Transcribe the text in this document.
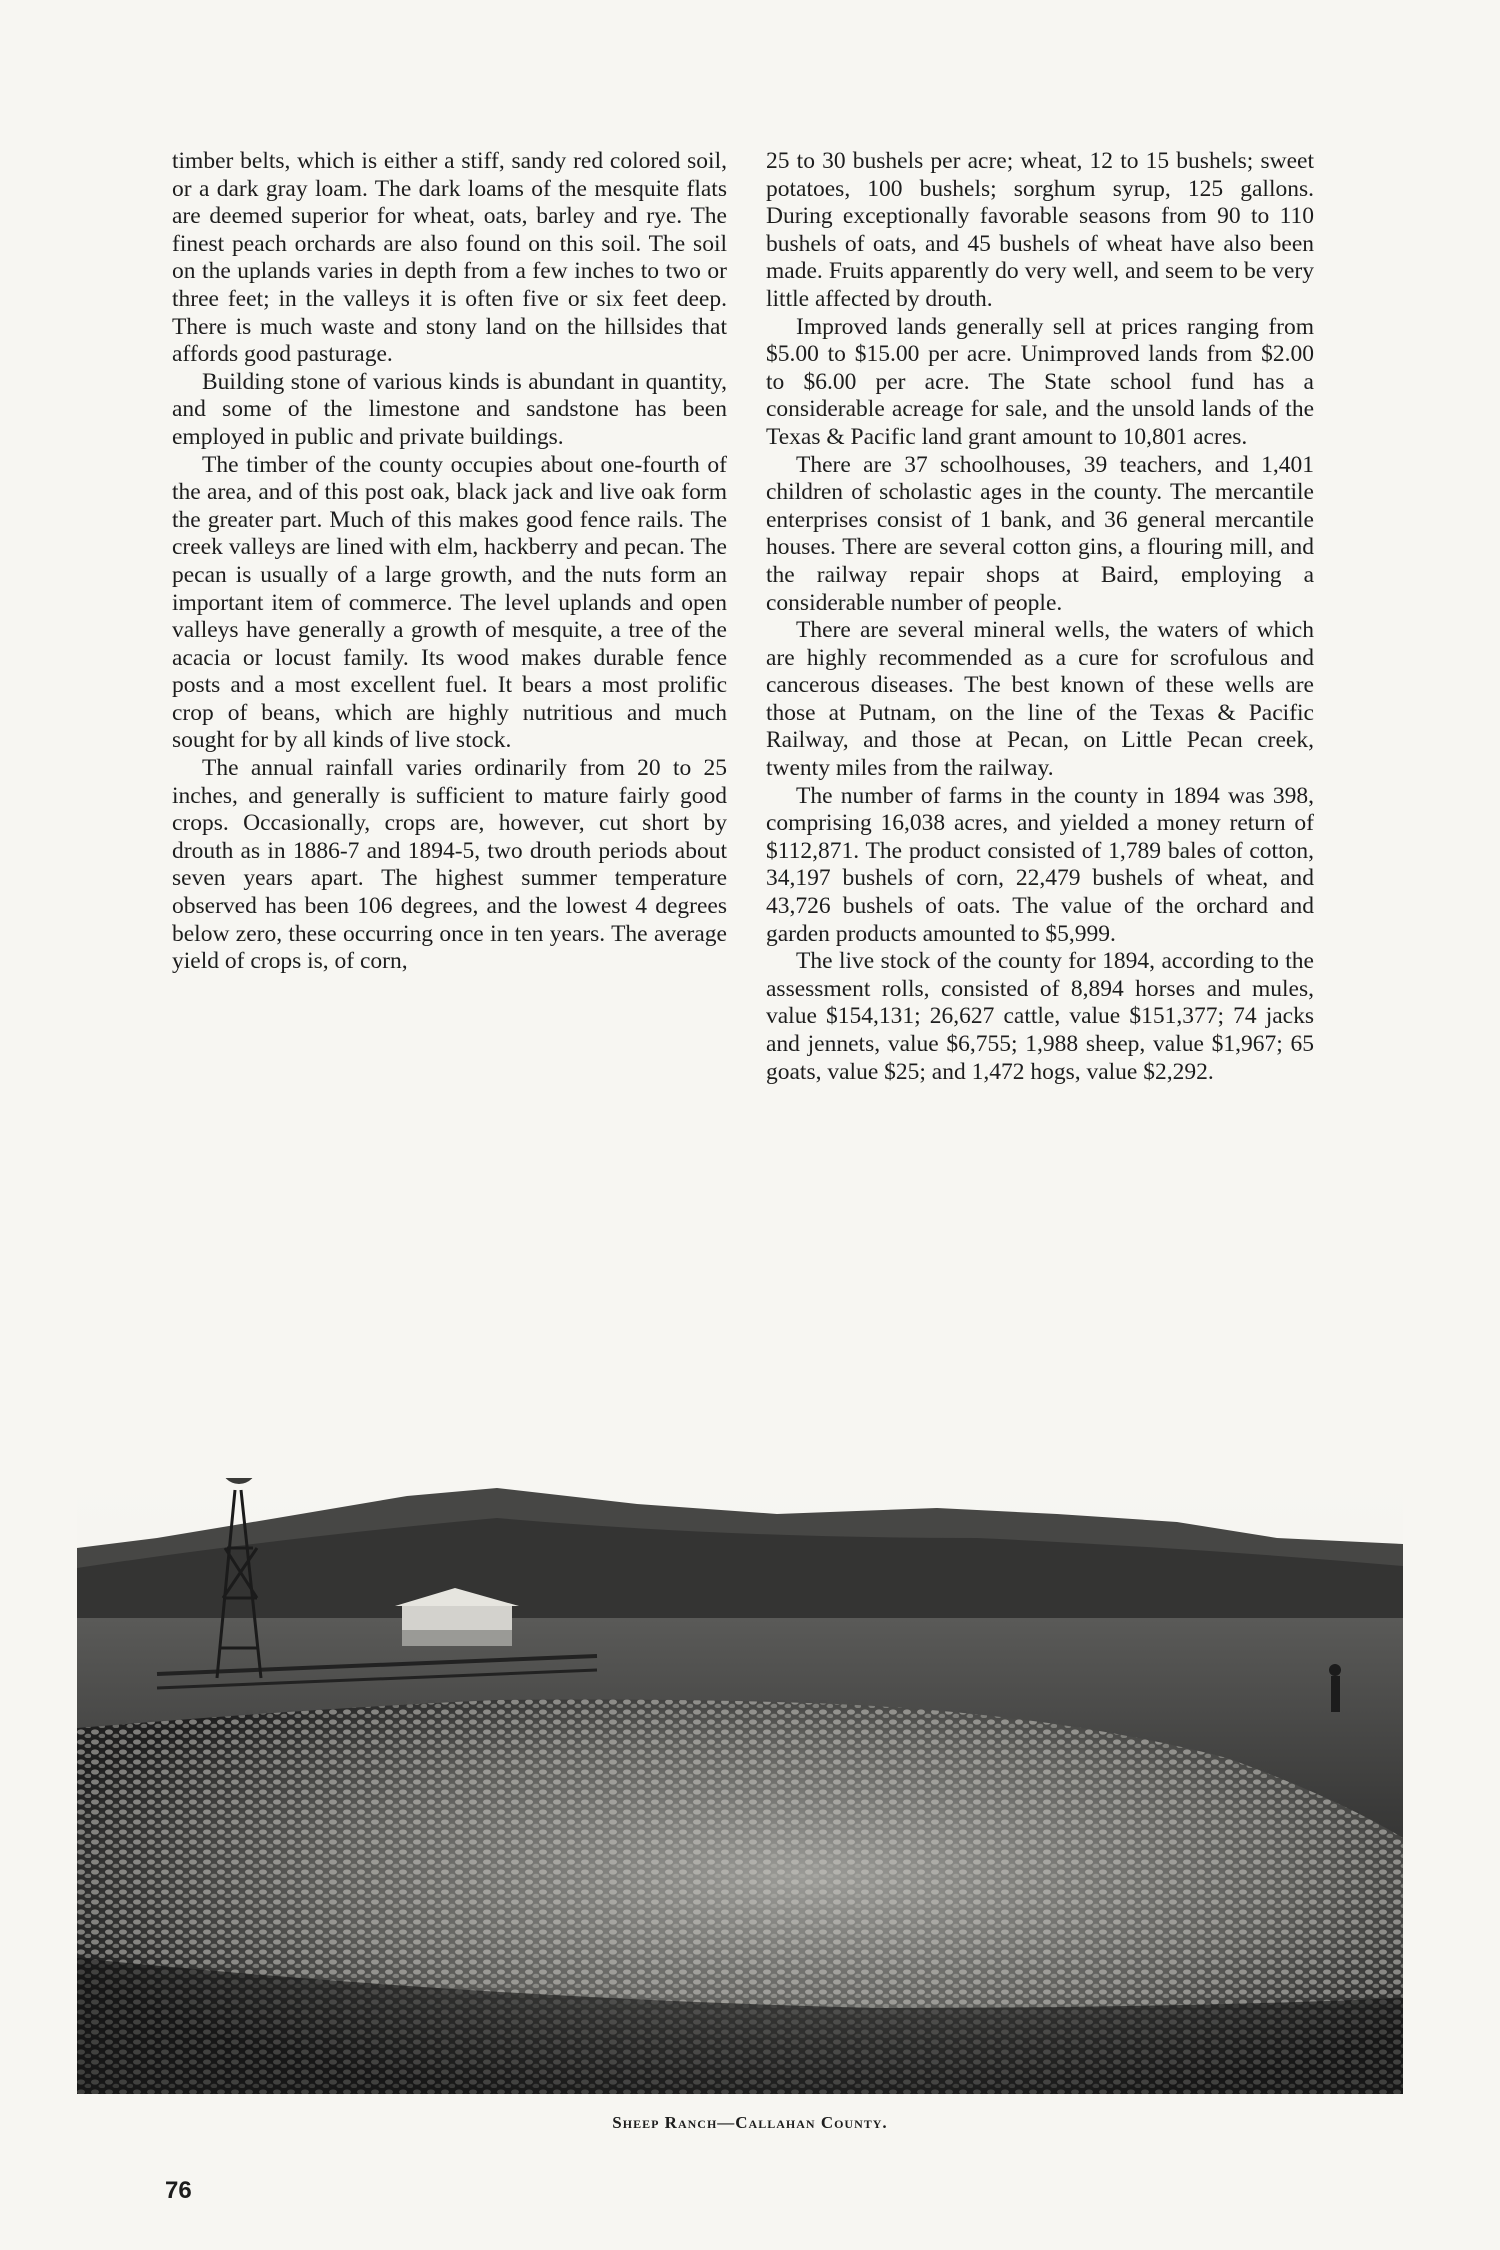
timber belts, which is either a stiff, sandy red colored soil, or a dark gray loam. The dark loams of the mesquite flats are deemed superior for wheat, oats, barley and rye. The finest peach orchards are also found on this soil. The soil on the uplands varies in depth from a few inches to two or three feet; in the valleys it is often five or six feet deep. There is much waste and stony land on the hillsides that affords good pasturage.

Building stone of various kinds is abundant in quantity, and some of the limestone and sandstone has been employed in public and private buildings.

The timber of the county occupies about one-fourth of the area, and of this post oak, black jack and live oak form the greater part. Much of this makes good fence rails. The creek valleys are lined with elm, hackberry and pecan. The pecan is usually of a large growth, and the nuts form an important item of commerce. The level uplands and open valleys have generally a growth of mesquite, a tree of the acacia or locust family. Its wood makes durable fence posts and a most excellent fuel. It bears a most prolific crop of beans, which are highly nutritious and much sought for by all kinds of live stock.

The annual rainfall varies ordinarily from 20 to 25 inches, and generally is sufficient to mature fairly good crops. Occasionally, crops are, however, cut short by drouth as in 1886-7 and 1894-5, two drouth periods about seven years apart. The highest summer temperature observed has been 106 degrees, and the lowest 4 degrees below zero, these occurring once in ten years. The average yield of crops is, of corn,

25 to 30 bushels per acre; wheat, 12 to 15 bushels; sweet potatoes, 100 bushels; sorghum syrup, 125 gallons. During exceptionally favorable seasons from 90 to 110 bushels of oats, and 45 bushels of wheat have also been made. Fruits apparently do very well, and seem to be very little affected by drouth.

Improved lands generally sell at prices ranging from $5.00 to $15.00 per acre. Unimproved lands from $2.00 to $6.00 per acre. The State school fund has a considerable acreage for sale, and the unsold lands of the Texas & Pacific land grant amount to 10,801 acres.

There are 37 schoolhouses, 39 teachers, and 1,401 children of scholastic ages in the county. The mercantile enterprises consist of 1 bank, and 36 general mercantile houses. There are several cotton gins, a flouring mill, and the railway repair shops at Baird, employing a considerable number of people.

There are several mineral wells, the waters of which are highly recommended as a cure for scrofulous and cancerous diseases. The best known of these wells are those at Putnam, on the line of the Texas & Pacific Railway, and those at Pecan, on Little Pecan creek, twenty miles from the railway.

The number of farms in the county in 1894 was 398, comprising 16,038 acres, and yielded a money return of $112,871. The product consisted of 1,789 bales of cotton, 34,197 bushels of corn, 22,479 bushels of wheat, and 43,726 bushels of oats. The value of the orchard and garden products amounted to $5,999.

The live stock of the county for 1894, according to the assessment rolls, consisted of 8,894 horses and mules, value $154,131; 26,627 cattle, value $151,377; 74 jacks and jennets, value $6,755; 1,988 sheep, value $1,967; 65 goats, value $25; and 1,472 hogs, value $2,292.

Sheep Ranch—Callahan County.
76
